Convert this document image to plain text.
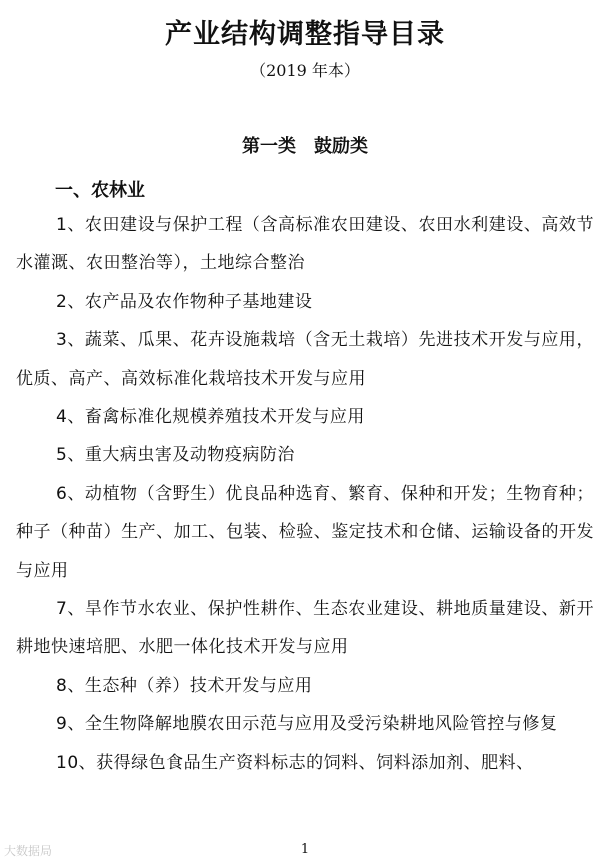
产业结构调整指导目录
（2019 年本）
第一类　鼓励类
一、农林业

1、农田建设与保护工程（含高标准农田建设、农田水利建设、高效节水灌溉、农田整治等），土地综合整治

2、农产品及农作物种子基地建设

3、蔬菜、瓜果、花卉设施栽培（含无土栽培）先进技术开发与应用，优质、高产、高效标准化栽培技术开发与应用

4、畜禽标准化规模养殖技术开发与应用

5、重大病虫害及动物疫病防治

6、动植物（含野生）优良品种选育、繁育、保种和开发；生物育种；种子（种苗）生产、加工、包装、检验、鉴定技术和仓储、运输设备的开发与应用

7、旱作节水农业、保护性耕作、生态农业建设、耕地质量建设、新开耕地快速培肥、水肥一体化技术开发与应用

8、生态种（养）技术开发与应用

9、全生物降解地膜农田示范与应用及受污染耕地风险管控与修复

10、获得绿色食品生产资料标志的饲料、饲料添加剂、肥料、

大数据局	1
